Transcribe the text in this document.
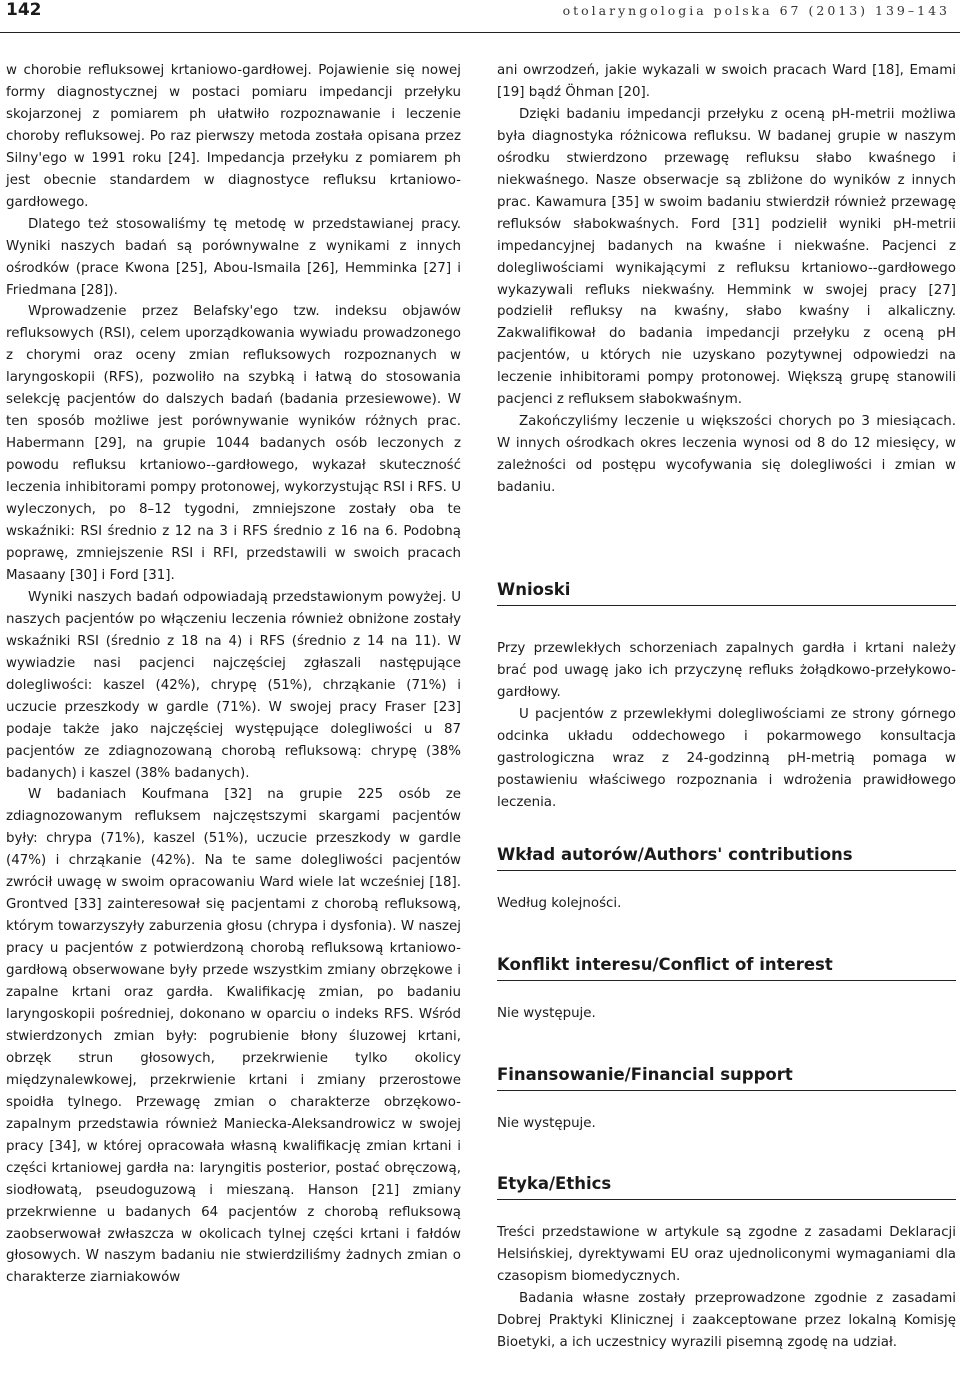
142	otolaryngologia polska 67 (2013) 139–143

w chorobie refluksowej krtaniowo-gardłowej. Pojawienie się nowej formy diagnostycznej w postaci pomiaru impedancji przełyku skojarzonej z pomiarem ph ułatwiło rozpoznawanie i leczenie choroby refluksowej. Po raz pierwszy metoda została opisana przez Silny'ego w 1991 roku [24]. Impedancja przełyku z pomiarem ph jest obecnie standardem w diagnostyce refluksu krtaniowo-gardłowego.

Dlatego też stosowaliśmy tę metodę w przedstawianej pracy. Wyniki naszych badań są porównywalne z wynikami z innych ośrodków (prace Kwona [25], Abou-Ismaila [26], Hemminka [27] i Friedmana [28]).

Wprowadzenie przez Belafsky'ego tzw. indeksu objawów refluksowych (RSI), celem uporządkowania wywiadu prowadzonego z chorymi oraz oceny zmian refluksowych rozpoznanych w laryngoskopii (RFS), pozwoliło na szybką i łatwą do stosowania selekcję pacjentów do dalszych badań (badania przesiewowe). W ten sposób możliwe jest porównywanie wyników różnych prac. Habermann [29], na grupie 1044 badanych osób leczonych z powodu refluksu krtaniowo--gardłowego, wykazał skuteczność leczenia inhibitorami pompy protonowej, wykorzystując RSI i RFS. U wyleczonych, po 8–12 tygodni, zmniejszone zostały oba te wskaźniki: RSI średnio z 12 na 3 i RFS średnio z 16 na 6. Podobną poprawę, zmniejszenie RSI i RFI, przedstawili w swoich pracach Masaany [30] i Ford [31].

Wyniki naszych badań odpowiadają przedstawionym powyżej. U naszych pacjentów po włączeniu leczenia również obniżone zostały wskaźniki RSI (średnio z 18 na 4) i RFS (średnio z 14 na 11). W wywiadzie nasi pacjenci najczęściej zgłaszali następujące dolegliwości: kaszel (42%), chrypę (51%), chrząkanie (71%) i uczucie przeszkody w gardle (71%). W swojej pracy Fraser [23] podaje także jako najczęściej występujące dolegliwości u 87 pacjentów ze zdiagnozowaną chorobą refluksową: chrypę (38% badanych) i kaszel (38% badanych).

W badaniach Koufmana [32] na grupie 225 osób ze zdiagnozowanym refluksem najczęstszymi skargami pacjentów były: chrypa (71%), kaszel (51%), uczucie przeszkody w gardle (47%) i chrząkanie (42%). Na te same dolegliwości pacjentów zwrócił uwagę w swoim opracowaniu Ward wiele lat wcześniej [18]. Grontved [33] zainteresował się pacjentami z chorobą refluksową, którym towarzyszyły zaburzenia głosu (chrypa i dysfonia). W naszej pracy u pacjentów z potwierdzoną chorobą refluksową krtaniowo-gardłową obserwowane były przede wszystkim zmiany obrzękowe i zapalne krtani oraz gardła. Kwalifikację zmian, po badaniu laryngoskopii pośredniej, dokonano w oparciu o indeks RFS. Wśród stwierdzonych zmian były: pogrubienie błony śluzowej krtani, obrzęk strun głosowych, przekrwienie tylko okolicy międzynalewkowej, przekrwienie krtani i zmiany przerostowe spoidła tylnego. Przewagę zmian o charakterze obrzękowo-zapalnym przedstawia również Maniecka-Aleksandrowicz w swojej pracy [34], w której opracowała własną kwalifikację zmian krtani i części krtaniowej gardła na: laryngitis posterior, postać obręczową, siodłowatą, pseudoguzową i mieszaną. Hanson [21] zmiany przekrwienne u badanych 64 pacjentów z chorobą refluksową zaobserwował zwłaszcza w okolicach tylnej części krtani i fałdów głosowych. W naszym badaniu nie stwierdziliśmy żadnych zmian o charakterze ziarniakowów

ani owrzodzeń, jakie wykazali w swoich pracach Ward [18], Emami [19] bądź Öhman [20].

Dzięki badaniu impedancji przełyku z oceną pH-metrii możliwa była diagnostyka różnicowa refluksu. W badanej grupie w naszym ośrodku stwierdzono przewagę refluksu słabo kwaśnego i niekwaśnego. Nasze obserwacje są zbliżone do wyników z innych prac. Kawamura [35] w swoim badaniu stwierdził również przewagę refluksów słabokwaśnych. Ford [31] podzielił wyniki pH-metrii impedancyjnej badanych na kwaśne i niekwaśne. Pacjenci z dolegliwościami wynikającymi z refluksu krtaniowo--gardłowego wykazywali refluks niekwaśny. Hemmink w swojej pracy [27] podzielił refluksy na kwaśny, słabo kwaśny i alkaliczny. Zakwalifikował do badania impedancji przełyku z oceną pH pacjentów, u których nie uzyskano pozytywnej odpowiedzi na leczenie inhibitorami pompy protonowej. Większą grupę stanowili pacjenci z refluksem słabokwaśnym.

Zakończyliśmy leczenie u większości chorych po 3 miesiącach. W innych ośrodkach okres leczenia wynosi od 8 do 12 miesięcy, w zależności od postępu wycofywania się dolegliwości i zmian w badaniu.

Wnioski

Przy przewlekłych schorzeniach zapalnych gardła i krtani należy brać pod uwagę jako ich przyczynę refluks żołądkowo-przełykowo-gardłowy.

U pacjentów z przewlekłymi dolegliwościami ze strony górnego odcinka układu oddechowego i pokarmowego konsultacja gastrologiczna wraz z 24-godzinną pH-metrią pomaga w postawieniu właściwego rozpoznania i wdrożenia prawidłowego leczenia.

Wkład autorów/Authors' contributions

Według kolejności.

Konflikt interesu/Conflict of interest

Nie występuje.

Finansowanie/Financial support

Nie występuje.

Etyka/Ethics

Treści przedstawione w artykule są zgodne z zasadami Deklaracji Helsińskiej, dyrektywami EU oraz ujednoliconymi wymaganiami dla czasopism biomedycznych.

Badania własne zostały przeprowadzone zgodnie z zasadami Dobrej Praktyki Klinicznej i zaakceptowane przez lokalną Komisję Bioetyki, a ich uczestnicy wyrazili pisemną zgodę na udział.
